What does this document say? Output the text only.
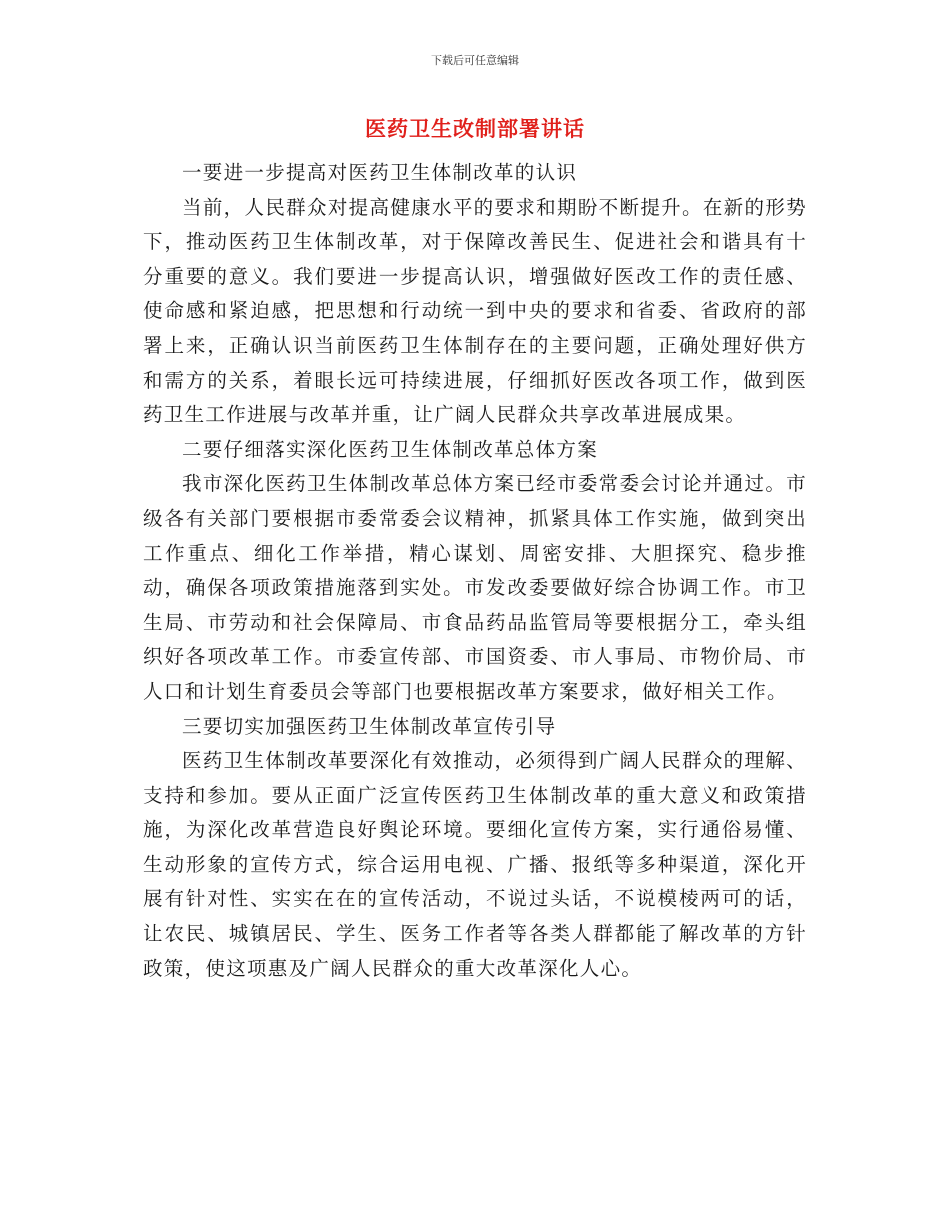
下载后可任意编辑
医药卫生改制部署讲话

一要进一步提高对医药卫生体制改革的认识

当前，人民群众对提高健康水平的要求和期盼不断提升。在新的形势下，推动医药卫生体制改革，对于保障改善民生、促进社会和谐具有十分重要的意义。我们要进一步提高认识，增强做好医改工作的责任感、使命感和紧迫感，把思想和行动统一到中央的要求和省委、省政府的部署上来，正确认识当前医药卫生体制存在的主要问题，正确处理好供方和需方的关系，着眼长远可持续进展，仔细抓好医改各项工作，做到医药卫生工作进展与改革并重，让广阔人民群众共享改革进展成果。

二要仔细落实深化医药卫生体制改革总体方案

我市深化医药卫生体制改革总体方案已经市委常委会讨论并通过。市级各有关部门要根据市委常委会议精神，抓紧具体工作实施，做到突出工作重点、细化工作举措，精心谋划、周密安排、大胆探究、稳步推动，确保各项政策措施落到实处。市发改委要做好综合协调工作。市卫生局、市劳动和社会保障局、市食品药品监管局等要根据分工，牵头组织好各项改革工作。市委宣传部、市国资委、市人事局、市物价局、市人口和计划生育委员会等部门也要根据改革方案要求，做好相关工作。

三要切实加强医药卫生体制改革宣传引导

医药卫生体制改革要深化有效推动，必须得到广阔人民群众的理解、支持和参加。要从正面广泛宣传医药卫生体制改革的重大意义和政策措施，为深化改革营造良好舆论环境。要细化宣传方案，实行通俗易懂、生动形象的宣传方式，综合运用电视、广播、报纸等多种渠道，深化开展有针对性、实实在在的宣传活动，不说过头话，不说模棱两可的话，让农民、城镇居民、学生、医务工作者等各类人群都能了解改革的方针政策，使这项惠及广阔人民群众的重大改革深化人心。
